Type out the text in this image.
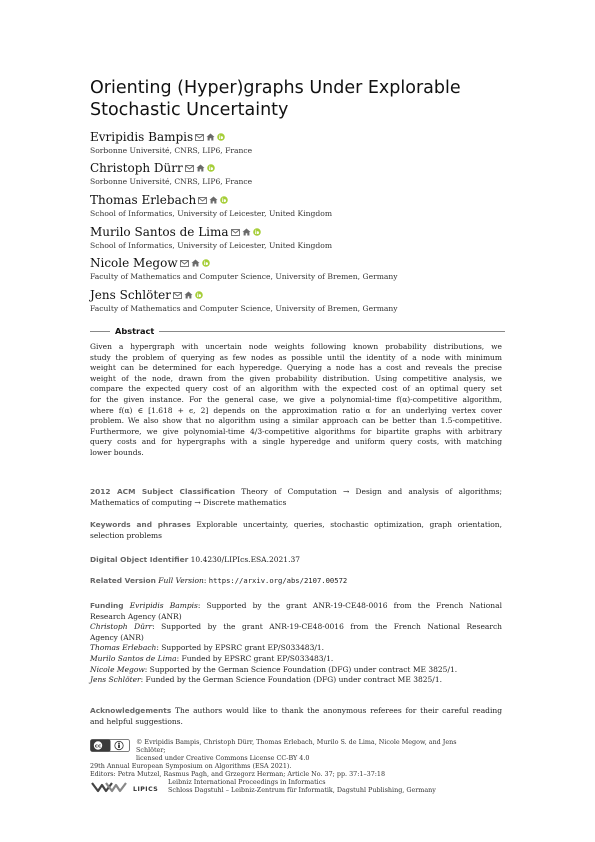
Orienting (Hyper)graphs Under Explorable
Stochastic Uncertainty
Evripidis Bampis
Sorbonne Université, CNRS, LIP6, France
Christoph Dürr
Sorbonne Université, CNRS, LIP6, France
Thomas Erlebach
School of Informatics, University of Leicester, United Kingdom
Murilo Santos de Lima
School of Informatics, University of Leicester, United Kingdom
Nicole Megow
Faculty of Mathematics and Computer Science, University of Bremen, Germany
Jens Schlöter
Faculty of Mathematics and Computer Science, University of Bremen, Germany
Abstract
Given a hypergraph with uncertain node weights following known probability distributions, we
study the problem of querying as few nodes as possible until the identity of a node with minimum
weight can be determined for each hyperedge. Querying a node has a cost and reveals the precise
weight of the node, drawn from the given probability distribution. Using competitive analysis, we
compare the expected query cost of an algorithm with the expected cost of an optimal query set
for the given instance. For the general case, we give a polynomial-time f(α)-competitive algorithm,
where f(α) ∈ [1.618 + ϵ, 2] depends on the approximation ratio α for an underlying vertex cover
problem. We also show that no algorithm using a similar approach can be better than 1.5-competitive.
Furthermore, we give polynomial-time 4/3-competitive algorithms for bipartite graphs with arbitrary
query costs and for hypergraphs with a single hyperedge and uniform query costs, with matching
lower bounds.
2012 ACM Subject Classification Theory of Computation → Design and analysis of algorithms;
Mathematics of computing → Discrete mathematics
Keywords and phrases Explorable uncertainty, queries, stochastic optimization, graph orientation,
selection problems
Digital Object Identifier 10.4230/LIPIcs.ESA.2021.37
Related Version Full Version: https://arxiv.org/abs/2107.00572
Funding Evripidis Bampis: Supported by the grant ANR-19-CE48-0016 from the French National
Research Agency (ANR)
Christoph Dürr: Supported by the grant ANR-19-CE48-0016 from the French National Research
Agency (ANR)
Thomas Erlebach: Supported by EPSRC grant EP/S033483/1.
Murilo Santos de Lima: Funded by EPSRC grant EP/S033483/1.
Nicole Megow: Supported by the German Science Foundation (DFG) under contract ME 3825/1.
Jens Schlöter: Funded by the German Science Foundation (DFG) under contract ME 3825/1.
Acknowledgements The authors would like to thank the anonymous referees for their careful reading
and helpful suggestions.
cc
© Evripidis Bampis, Christoph Dürr, Thomas Erlebach, Murilo S. de Lima, Nicole Megow, and Jens
Schlöter;
licensed under Creative Commons License CC-BY 4.0
29th Annual European Symposium on Algorithms (ESA 2021).
Editors: Petra Mutzel, Rasmus Pagh, and Grzegorz Herman; Article No. 37; pp. 37:1–37:18
LIPICS
Leibniz International Proceedings in Informatics
Schloss Dagstuhl – Leibniz-Zentrum für Informatik, Dagstuhl Publishing, Germany
